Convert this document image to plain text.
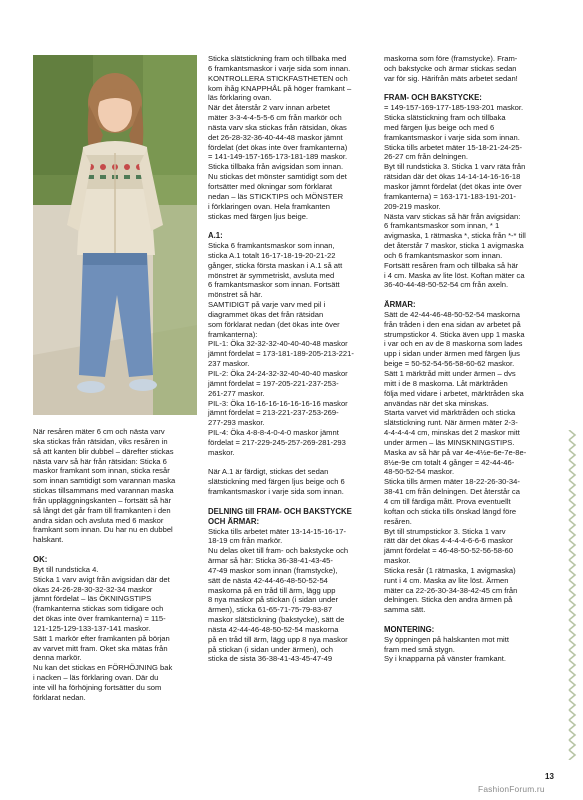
När resåren mäter 6 cm och nästa varv

ska stickas från rätsidan, viks resåren in

så att kanten blir dubbel – därefter stickas

nästa varv så här från rätsidan: Sticka 6

maskor framkant som innan, sticka resår

som innan samtidigt som varannan maska

stickas tillsammans med varannan maska

från uppläggningskanten – fortsätt så här

så långt det går fram till framkanten i den

andra sidan och avsluta med 6 maskor

framkant som innan. Du har nu en dubbel

halskant.

OK:

Byt till rundsticka 4.

Sticka 1 varv avigt från avigsidan där det

ökas 24-26-28-30-32-32-34 maskor

jämnt fördelat – läs ÖKNINGSTIPS

(framkanterna stickas som tidigare och

det ökas inte över framkanterna) = 115-

121-125-129-133-137-141 maskor.

Sätt 1 markör efter framkanten på början

av varvet mitt fram. Oket ska mätas från

denna markör.

Nu kan det stickas en FÖRHÖJNING bak

i nacken – läs förklaring ovan. Där du

inte vill ha förhöjning fortsätter du som

förklarat nedan.

Sticka slätstickning fram och tillbaka med

6 framkantsmaskor i varje sida som innan.

KONTROLLERA STICKFASTHETEN och

kom ihåg KNAPPHÅL på höger framkant –

läs förklaring ovan.

När det återstår 2 varv innan arbetet

mäter 3-3-4-4-5-5-6 cm från markör och

nästa varv ska stickas från rätsidan, ökas

det 26-28-32-36-40-44-48 maskor jämnt

fördelat (det ökas inte över framkanterna)

= 141-149-157-165-173-181-189 maskor.

Sticka tillbaka från avigsidan som innan.

Nu stickas det mönster samtidigt som det

fortsätter med ökningar som förklarat

nedan – läs STICKTIPS och MÖNSTER

i förklaringen ovan. Hela framkanten

stickas med färgen ljus beige.

A.1:

Sticka 6 framkantsmaskor som innan,

sticka A.1 totalt 16-17-18-19-20-21-22

gånger, sticka första maskan i A.1 så att

mönstret är symmetriskt, avsluta med

6 framkantsmaskor som innan. Fortsätt

mönstret så här.

SAMTIDIGT på varje varv med pil i

diagrammet ökas det från rätsidan

som förklarat nedan (det ökas inte över

framkanterna):

PIL-1: Öka 32-32-32-40-40-40-48 maskor

jämnt fördelat = 173-181-189-205-213-221-

237 maskor.

PIL-2: Öka 24-24-32-32-40-40-40 maskor

jämnt fördelat = 197-205-221-237-253-

261-277 maskor.

PIL-3: Öka 16-16-16-16-16-16-16 maskor

jämnt fördelat = 213-221-237-253-269-

277-293 maskor.

PIL-4: Öka 4-8-8-4-0-4-0 maskor jämnt

fördelat = 217-229-245-257-269-281-293

maskor.

När A.1 är färdigt, stickas det sedan

slätstickning med färgen ljus beige och 6

framkantsmaskor i varje sida som innan.

DELNING till FRAM- OCH BAKSTYCKE
OCH ÄRMAR:

Sticka tills arbetet mäter 13-14-15-16-17-

18-19 cm från markör.

Nu delas oket till fram- och bakstycke och

ärmar så här: Sticka 36-38-41-43-45-

47-49 maskor som innan (framstycke),

sätt de nästa 42-44-46-48-50-52-54

maskorna på en tråd till ärm, lägg upp

8 nya maskor på stickan (i sidan under

ärmen), sticka 61-65-71-75-79-83-87

maskor slätstickning (bakstycke), sätt de

nästa 42-44-46-48-50-52-54 maskorna

på en tråd till ärm, lägg upp 8 nya maskor

på stickan (i sidan under ärmen), och

sticka de sista 36-38-41-43-45-47-49

maskorna som före (framstycke). Fram-

och bakstycke och ärmar stickas sedan

var för sig. Härifrån mäts arbetet sedan!

FRAM- OCH BAKSTYCKE:

= 149-157-169-177-185-193-201 maskor.

Sticka slätstickning fram och tillbaka

med färgen ljus beige och med 6

framkantsmaskor i varje sida som innan.

Sticka tills arbetet mäter 15-18-21-24-25-

26-27 cm från delningen.

Byt till rundsticka 3. Sticka 1 varv räta från

rätsidan där det ökas 14-14-14-16-16-18

maskor jämnt fördelat (det ökas inte över

framkanterna) = 163-171-183-191-201-

209-219 maskor.

Nästa varv stickas så här från avigsidan:

6 framkantsmaskor som innan, * 1

avigmaska, 1 rätmaska *, sticka från *-* till

det återstår 7 maskor, sticka 1 avigmaska

och 6 framkantsmaskor som innan.

Fortsätt resåren fram och tillbaka så här

i 4 cm. Maska av lite löst. Koftan mäter ca

36-40-44-48-50-52-54 cm från axeln.

ÄRMAR:

Sätt de 42-44-46-48-50-52-54 maskorna

från tråden i den ena sidan av arbetet på

strumpstickor 4. Sticka även upp 1 maska

i var och en av de 8 maskorna som lades

upp i sidan under ärmen med färgen ljus

beige = 50-52-54-56-58-60-62 maskor.

Sätt 1 märktråd mitt under ärmen – dvs

mitt i de 8 maskorna. Låt märktråden

följa med vidare i arbetet, märktråden ska

användas när det ska minskas.

Starta varvet vid märktråden och sticka

slätstickning runt. När ärmen mäter 2-3-

4-4-4-4-4 cm, minskas det 2 maskor mitt

under ärmen – läs MINSKNINGSTIPS.

Maska av så här på var 4e-4½e-6e-7e-8e-

8½e-9e cm totalt 4 gånger = 42-44-46-

48-50-52-54 maskor.

Sticka tills ärmen mäter 18-22-26-30-34-

38-41 cm från delningen. Det återstår ca

4 cm till färdiga mått. Prova eventuellt

koftan och sticka tills önskad längd före

resåren.

Byt till strumpstickor 3. Sticka 1 varv

rätt där det ökas 4-4-4-4-6-6-6 maskor

jämnt fördelat = 46-48-50-52-56-58-60

maskor.

Sticka resår (1 rätmaska, 1 avigmaska)

runt i 4 cm. Maska av lite löst. Ärmen

mäter ca 22-26-30-34-38-42-45 cm från

delningen. Sticka den andra ärmen på

samma sätt.

MONTERING:

Sy öppningen på halskanten mot mitt

fram med små stygn.

Sy i knapparna på vänster framkant.

13
FashionForum.ru
